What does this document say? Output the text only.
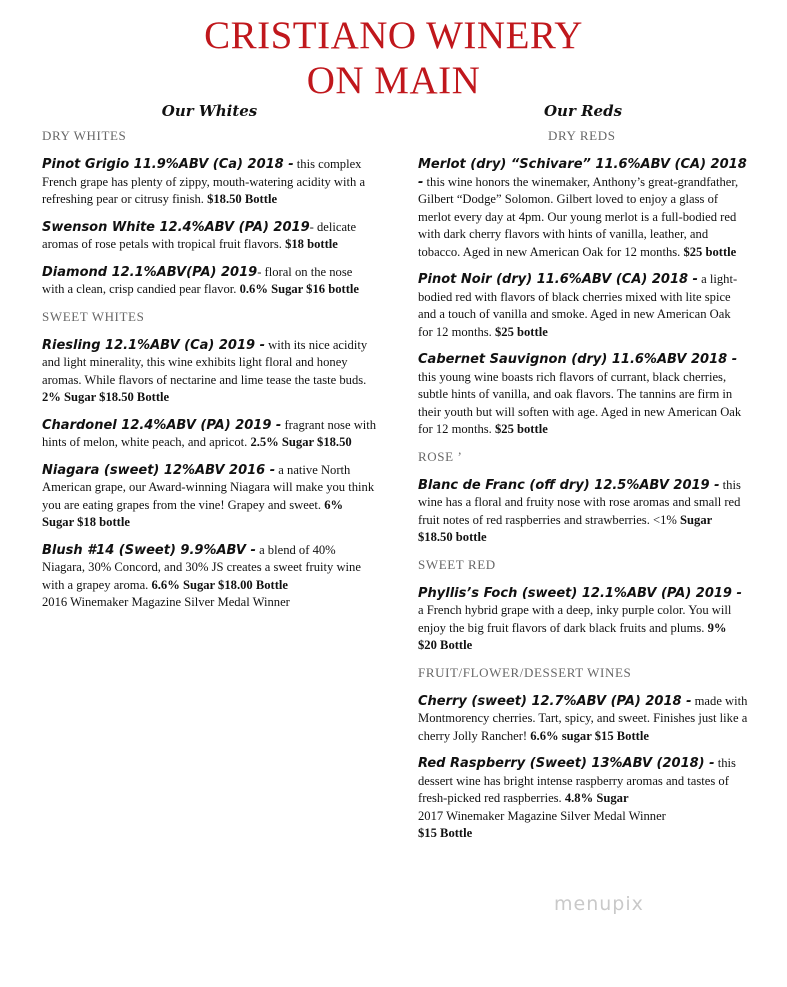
CRISTIANO WINERY
ON MAIN
Our Whites
DRY WHITES
Pinot Grigio 11.9%ABV (Ca) 2018 - this complex French grape has plenty of zippy, mouth-watering acidity with a refreshing pear or citrusy finish. $18.50 Bottle
Swenson White 12.4%ABV (PA) 2019- delicate aromas of rose petals with tropical fruit flavors. $18 bottle
Diamond 12.1%ABV(PA) 2019- floral on the nose with a clean, crisp candied pear flavor. 0.6% Sugar $16 bottle
SWEET WHITES
Riesling 12.1%ABV (Ca) 2019 - with its nice acidity and light minerality, this wine exhibits light floral and honey aromas. While flavors of nectarine and lime tease the taste buds. 2% Sugar $18.50 Bottle
Chardonel 12.4%ABV (PA) 2019 - fragrant nose with hints of melon, white peach, and apricot. 2.5% Sugar $18.50
Niagara (sweet) 12%ABV 2016 - a native North American grape, our Award-winning Niagara will make you think you are eating grapes from the vine! Grapey and sweet. 6% Sugar $18 bottle
Blush #14 (Sweet) 9.9%ABV - a blend of 40% Niagara, 30% Concord, and 30% JS creates a sweet fruity wine with a grapey aroma. 6.6% Sugar $18.00 Bottle
2016 Winemaker Magazine Silver Medal Winner
Our Reds
DRY REDS
Merlot (dry) “Schivare” 11.6%ABV (CA) 2018 - this wine honors the winemaker, Anthony’s great-grandfather, Gilbert “Dodge” Solomon. Gilbert loved to enjoy a glass of merlot every day at 4pm. Our young merlot is a full-bodied red with dark cherry flavors with hints of vanilla, leather, and tobacco. Aged in new American Oak for 12 months. $25 bottle
Pinot Noir (dry) 11.6%ABV (CA) 2018 - a light-bodied red with flavors of black cherries mixed with lite spice and a touch of vanilla and smoke. Aged in new American Oak for 12 months. $25 bottle
Cabernet Sauvignon (dry) 11.6%ABV 2018 - this young wine boasts rich flavors of currant, black cherries, subtle hints of vanilla, and oak flavors. The tannins are firm in their youth but will soften with age. Aged in new American Oak for 12 months. $25 bottle
ROSE ʼ
Blanc de Franc (off dry) 12.5%ABV 2019 - this wine has a floral and fruity nose with rose aromas and small red fruit notes of red raspberries and strawberries. <1% Sugar $18.50 bottle
SWEET RED
Phyllis’s Foch (sweet) 12.1%ABV (PA) 2019 - a French hybrid grape with a deep, inky purple color. You will enjoy the big fruit flavors of dark black fruits and plums. 9% $20 Bottle
FRUIT/FLOWER/DESSERT WINES
Cherry (sweet) 12.7%ABV (PA) 2018 - made with Montmorency cherries. Tart, spicy, and sweet. Finishes just like a cherry Jolly Rancher! 6.6% sugar $15 Bottle
Red Raspberry (Sweet) 13%ABV (2018) - this dessert wine has bright intense raspberry aromas and tastes of fresh-picked red raspberries. 4.8% Sugar
2017 Winemaker Magazine Silver Medal Winner
$15 Bottle
menupix
